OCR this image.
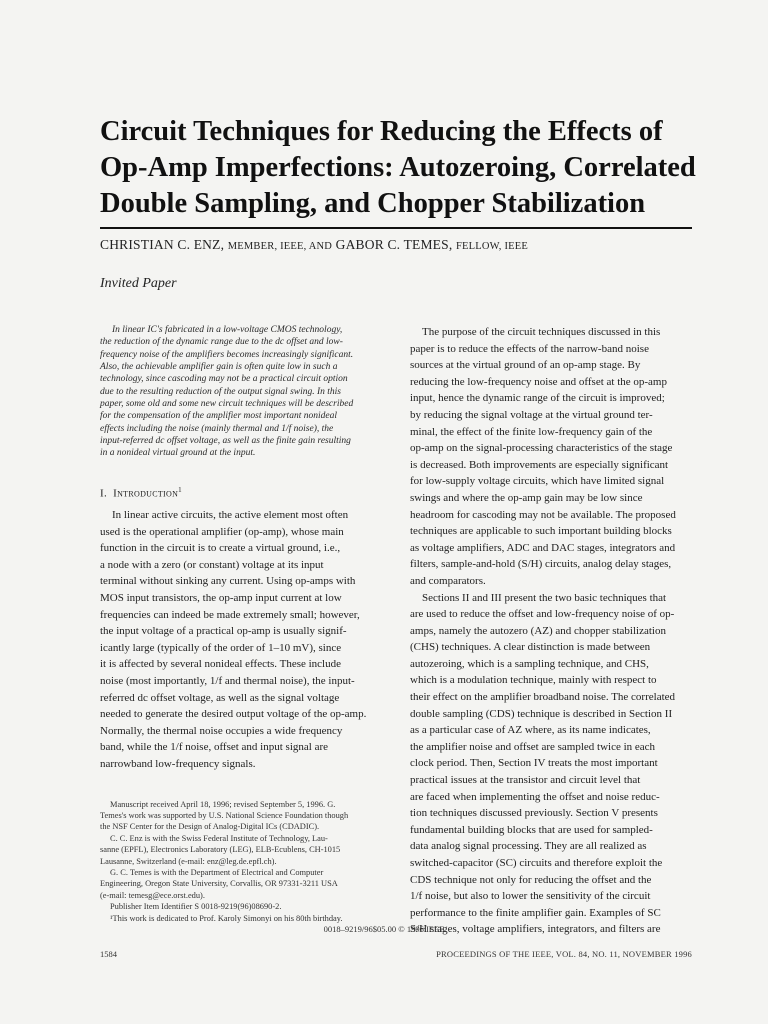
Circuit Techniques for Reducing the Effects of
Op-Amp Imperfections: Autozeroing, Correlated
Double Sampling, and Chopper Stabilization
CHRISTIAN C. ENZ, MEMBER, IEEE, AND GABOR C. TEMES, FELLOW, IEEE
Invited Paper
In linear IC's fabricated in a low-voltage CMOS technology,
the reduction of the dynamic range due to the dc offset and low-
frequency noise of the amplifiers becomes increasingly significant.
Also, the achievable amplifier gain is often quite low in such a
technology, since cascoding may not be a practical circuit option
due to the resulting reduction of the output signal swing. In this
paper, some old and some new circuit techniques will be described
for the compensation of the amplifier most important nonideal
effects including the noise (mainly thermal and 1/f noise), the
input-referred dc offset voltage, as well as the finite gain resulting
in a nonideal virtual ground at the input.
I. Introduction$^1$
In linear active circuits, the active element most often
used is the operational amplifier (op-amp), whose main
function in the circuit is to create a virtual ground, i.e.,
a node with a zero (or constant) voltage at its input
terminal without sinking any current. Using op-amps with
MOS input transistors, the op-amp input current at low
frequencies can indeed be made extremely small; however,
the input voltage of a practical op-amp is usually signif-
icantly large (typically of the order of 1–10 mV), since
it is affected by several nonideal effects. These include
noise (most importantly, 1/f and thermal noise), the input-
referred dc offset voltage, as well as the signal voltage
needed to generate the desired output voltage of the op-amp.
Normally, the thermal noise occupies a wide frequency
band, while the 1/f noise, offset and input signal are
narrowband low-frequency signals.
Manuscript received April 18, 1996; revised September 5, 1996. G.
Temes's work was supported by U.S. National Science Foundation though
the NSF Center for the Design of Analog-Digital ICs (CDADIC).
C. C. Enz is with the Swiss Federal Institute of Technology, Lau-
sanne (EPFL), Electronics Laboratory (LEG), ELB-Ecublens, CH-1015
Lausanne, Switzerland (e-mail: enz@leg.de.epfl.ch).
G. C. Temes is with the Department of Electrical and Computer
Engineering, Oregon State University, Corvallis, OR 97331-3211 USA
(e-mail: temesg@ece.orst.edu).
Publisher Item Identifier S 0018-9219(96)08690-2.
¹This work is dedicated to Prof. Karoly Simonyi on his 80th birthday.
The purpose of the circuit techniques discussed in this
paper is to reduce the effects of the narrow-band noise
sources at the virtual ground of an op-amp stage. By
reducing the low-frequency noise and offset at the op-amp
input, hence the dynamic range of the circuit is improved;
by reducing the signal voltage at the virtual ground ter-
minal, the effect of the finite low-frequency gain of the
op-amp on the signal-processing characteristics of the stage
is decreased. Both improvements are especially significant
for low-supply voltage circuits, which have limited signal
swings and where the op-amp gain may be low since
headroom for cascoding may not be available. The proposed
techniques are applicable to such important building blocks
as voltage amplifiers, ADC and DAC stages, integrators and
filters, sample-and-hold (S/H) circuits, analog delay stages,
and comparators.
Sections II and III present the two basic techniques that
are used to reduce the offset and low-frequency noise of op-
amps, namely the autozero (AZ) and chopper stabilization
(CHS) techniques. A clear distinction is made between
autozeroing, which is a sampling technique, and CHS,
which is a modulation technique, mainly with respect to
their effect on the amplifier broadband noise. The correlated
double sampling (CDS) technique is described in Section II
as a particular case of AZ where, as its name indicates,
the amplifier noise and offset are sampled twice in each
clock period. Then, Section IV treats the most important
practical issues at the transistor and circuit level that
are faced when implementing the offset and noise reduc-
tion techniques discussed previously. Section V presents
fundamental building blocks that are used for sampled-
data analog signal processing. They are all realized as
switched-capacitor (SC) circuits and therefore exploit the
CDS technique not only for reducing the offset and the
1/f noise, but also to lower the sensitivity of the circuit
performance to the finite amplifier gain. Examples of SC
S/H stages, voltage amplifiers, integrators, and filters are
0018–9219/96$05.00 © 1996 IEEE
1584	PROCEEDINGS OF THE IEEE, VOL. 84, NO. 11, NOVEMBER 1996
